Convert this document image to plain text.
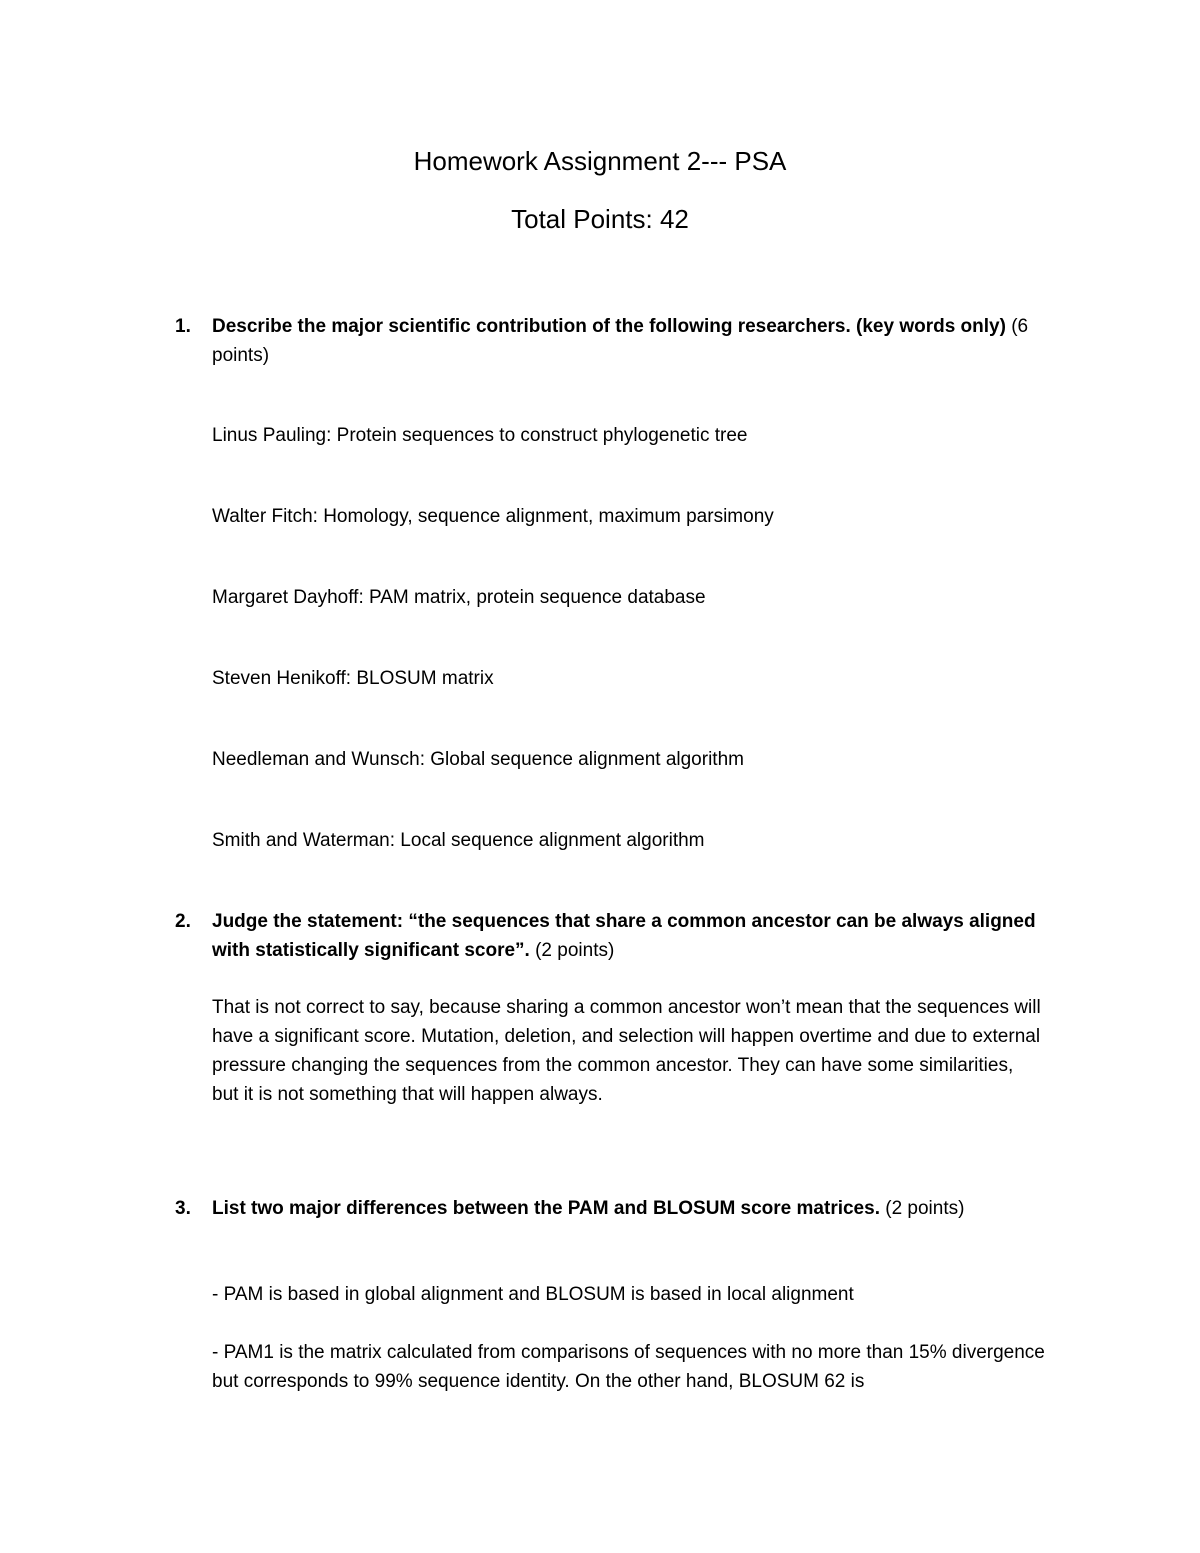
Homework Assignment 2--- PSA
Total Points: 42
1. Describe the major scientific contribution of the following researchers. (key words only) (6 points)

Linus Pauling: Protein sequences to construct phylogenetic tree

Walter Fitch: Homology, sequence alignment, maximum parsimony

Margaret Dayhoff: PAM matrix, protein sequence database

Steven Henikoff: BLOSUM matrix

Needleman and Wunsch: Global sequence alignment algorithm

Smith and Waterman: Local sequence alignment algorithm

2. Judge the statement: “the sequences that share a common ancestor can be always aligned with statistically significant score”. (2 points)

That is not correct to say, because sharing a common ancestor won’t mean that the sequences will have a significant score. Mutation, deletion, and selection will happen overtime and due to external pressure changing the sequences from the common ancestor. They can have some similarities, but it is not something that will happen always.

3. List two major differences between the PAM and BLOSUM score matrices. (2 points)

- PAM is based in global alignment and BLOSUM is based in local alignment

- PAM1 is the matrix calculated from comparisons of sequences with no more than 15% divergence but corresponds to 99% sequence identity. On the other hand, BLOSUM 62 is
